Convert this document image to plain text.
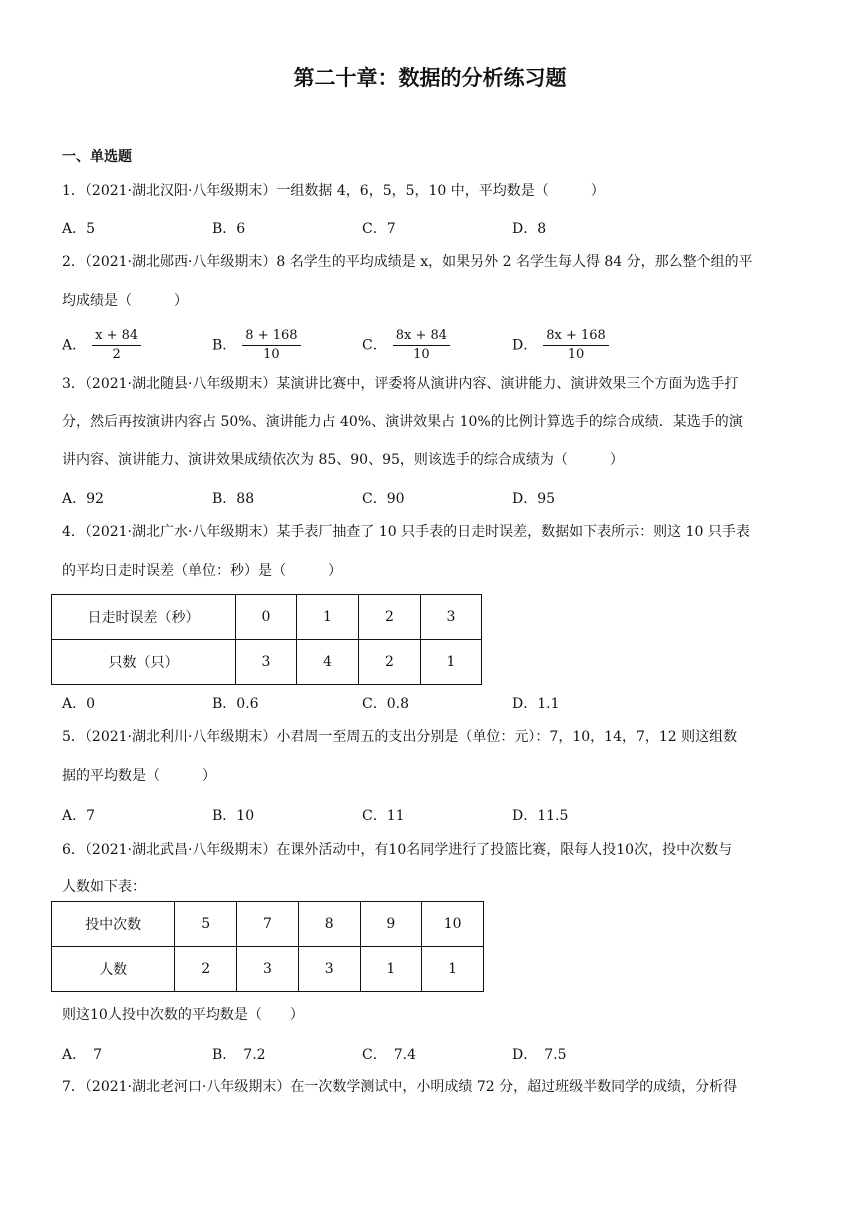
第二十章：数据的分析练习题
一、单选题
1．（2021·湖北汉阳·八年级期末）一组数据 4，6，5，5，10 中，平均数是（　　　）
A．5	B．6	C．7	D．8
2．（2021·湖北郧西·八年级期末）8 名学生的平均成绩是 x，如果另外 2 名学生每人得 84 分，那么整个组的平
均成绩是（　　　）
A． $\frac{x + 84}{2}$	B． $\frac{8 + 168}{10}$	C． $\frac{8x + 84}{10}$	D． $\frac{8x + 168}{10}$
3．（2021·湖北随县·八年级期末）某演讲比赛中，评委将从演讲内容、演讲能力、演讲效果三个方面为选手打
分，然后再按演讲内容占 50%、演讲能力占 40%、演讲效果占 10%的比例计算选手的综合成绩．某选手的演
讲内容、演讲能力、演讲效果成绩依次为 85、90、95，则该选手的综合成绩为（　　　）
A．92	B．88	C．90	D．95
4．（2021·湖北广水·八年级期末）某手表厂抽查了 10 只手表的日走时误差，数据如下表所示：则这 10 只手表
的平均日走时误差（单位：秒）是（　　　）
日走时误差（秒）	0	1	2	3
只数（只）	3	4	2	1
A．0	B．0.6	C．0.8	D．1.1
5．（2021·湖北利川·八年级期末）小君周一至周五的支出分别是（单位：元）：7，10，14，7，12 则这组数
据的平均数是（　　　）
A．7	B．10	C．11	D．11.5
6．（2021·湖北武昌·八年级期末）在课外活动中，有10名同学进行了投篮比赛，限每人投10次，投中次数与
人数如下表：
投中次数	5	7	8	9	10
人数	2	3	3	1	1
则这10人投中次数的平均数是（　　）
A．　7	B．　7.2	C．　7.4	D．　7.5
7．（2021·湖北老河口·八年级期末）在一次数学测试中，小明成绩 72 分，超过班级半数同学的成绩，分析得
